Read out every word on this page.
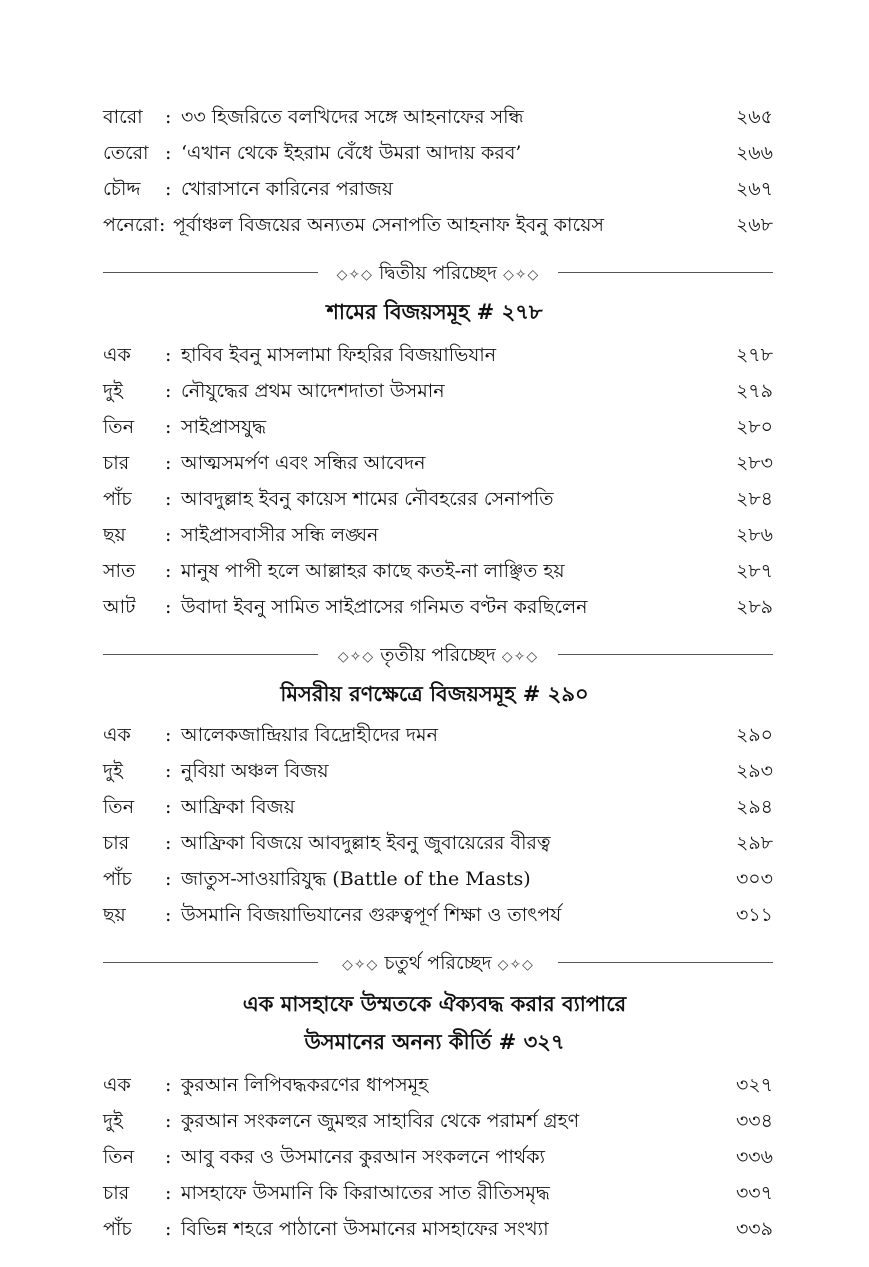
বারো : ৩৩ হিজরিতে বলখিদের সঙ্গে আহনাফের সন্ধি	২৬৫
তেরো : ‘এখান থেকে ইহরাম বেঁধে উমরা আদায় করব’	২৬৬
চৌদ্দ : খোরাসানে কারিনের পরাজয়	২৬৭
পনেরো : পূর্বাঞ্চল বিজয়ের অন্যতম সেনাপতি আহনাফ ইবনু কায়েস	২৬৮
◇✧◇ দ্বিতীয় পরিচ্ছেদ ◇✧◇
শামের বিজয়সমূহ # ২৭৮
এক : হাবিব ইবনু মাসলামা ফিহরির বিজয়াভিযান	২৭৮
দুই : নৌযুদ্ধের প্রথম আদেশদাতা উসমান	২৭৯
তিন : সাইপ্রাসযুদ্ধ	২৮০
চার : আত্মসমর্পণ এবং সন্ধির আবেদন	২৮৩
পাঁচ : আবদুল্লাহ ইবনু কায়েস শামের নৌবহরের সেনাপতি	২৮৪
ছয় : সাইপ্রাসবাসীর সন্ধি লঙ্ঘন	২৮৬
সাত : মানুষ পাপী হলে আল্লাহর কাছে কতই-না লাঞ্ছিত হয়	২৮৭
আট : উবাদা ইবনু সামিত সাইপ্রাসের গনিমত বণ্টন করছিলেন	২৮৯
◇✧◇ তৃতীয় পরিচ্ছেদ ◇✧◇
মিসরীয় রণক্ষেত্রে বিজয়সমূহ # ২৯০
এক : আলেকজান্দ্রিয়ার বিদ্রোহীদের দমন	২৯০
দুই : নুবিয়া অঞ্চল বিজয়	২৯৩
তিন : আফ্রিকা বিজয়	২৯৪
চার : আফ্রিকা বিজয়ে আবদুল্লাহ ইবনু জুবায়েরের বীরত্ব	২৯৮
পাঁচ : জাতুস-সাওয়ারিযুদ্ধ (Battle of the Masts)	৩০৩
ছয় : উসমানি বিজয়াভিযানের গুরুত্বপূর্ণ শিক্ষা ও তাৎপর্য	৩১১
◇✧◇ চতুর্থ পরিচ্ছেদ ◇✧◇
এক মাসহাফে উম্মতকে ঐক্যবদ্ধ করার ব্যাপারে
উসমানের অনন্য কীর্তি # ৩২৭
এক : কুরআন লিপিবদ্ধকরণের ধাপসমূহ	৩২৭
দুই : কুরআন সংকলনে জুমহুর সাহাবির থেকে পরামর্শ গ্রহণ	৩৩৪
তিন : আবু বকর ও উসমানের কুরআন সংকলনে পার্থক্য	৩৩৬
চার : মাসহাফে উসমানি কি কিরাআতের সাত রীতিসমৃদ্ধ	৩৩৭
পাঁচ : বিভিন্ন শহরে পাঠানো উসমানের মাসহাফের সংখ্যা	৩৩৯
